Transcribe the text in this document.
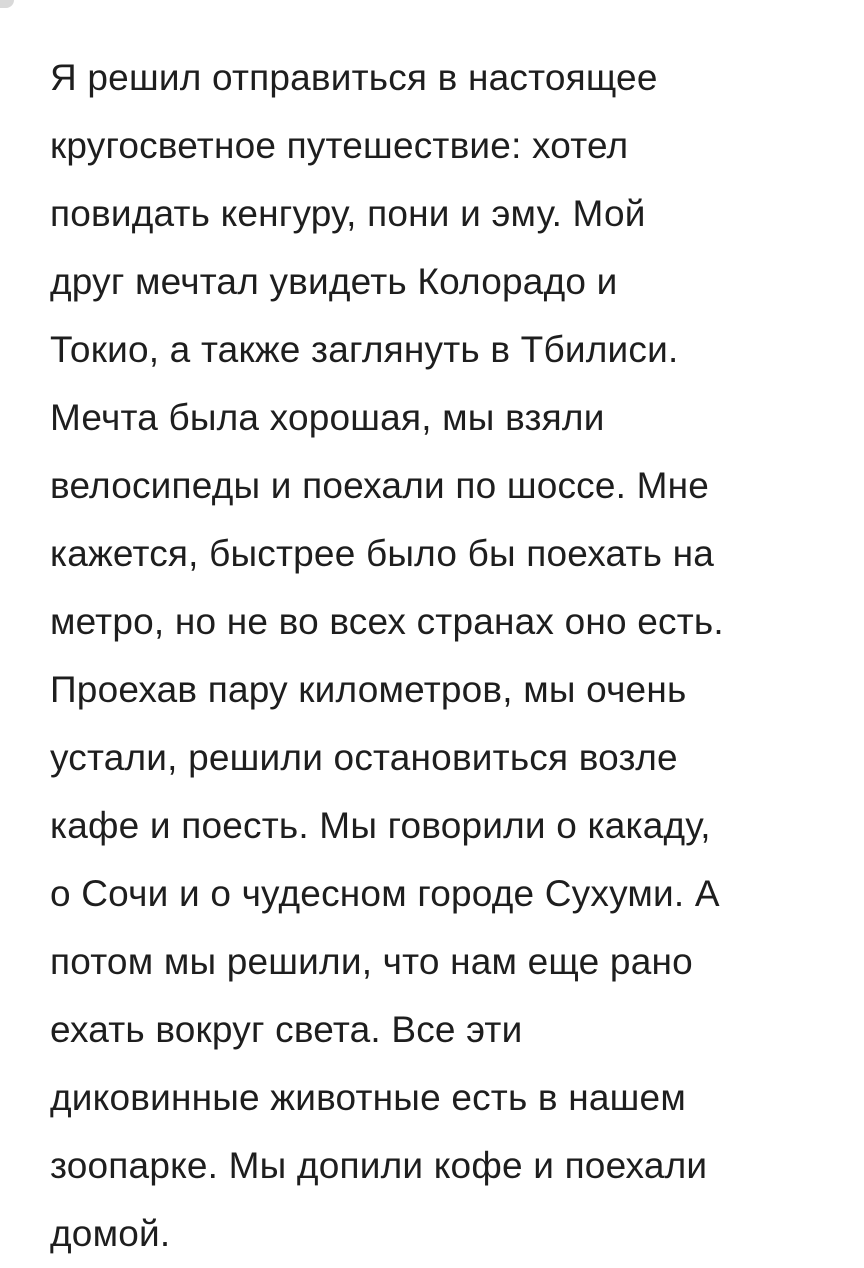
Я решил отправиться в настоящее
кругосветное путешествие: хотел
повидать кенгуру, пони и эму. Мой
друг мечтал увидеть Колорадо и
Токио, а также заглянуть в Тбилиси.
Мечта была хорошая, мы взяли
велосипеды и поехали по шоссе. Мне
кажется, быстрее было бы поехать на
метро, но не во всех странах оно есть.
Проехав пару километров, мы очень
устали, решили остановиться возле
кафе и поесть. Мы говорили о какаду,
о Сочи и о чудесном городе Сухуми. А
потом мы решили, что нам еще рано
ехать вокруг света. Все эти
диковинные животные есть в нашем
зоопарке. Мы допили кофе и поехали
домой.
